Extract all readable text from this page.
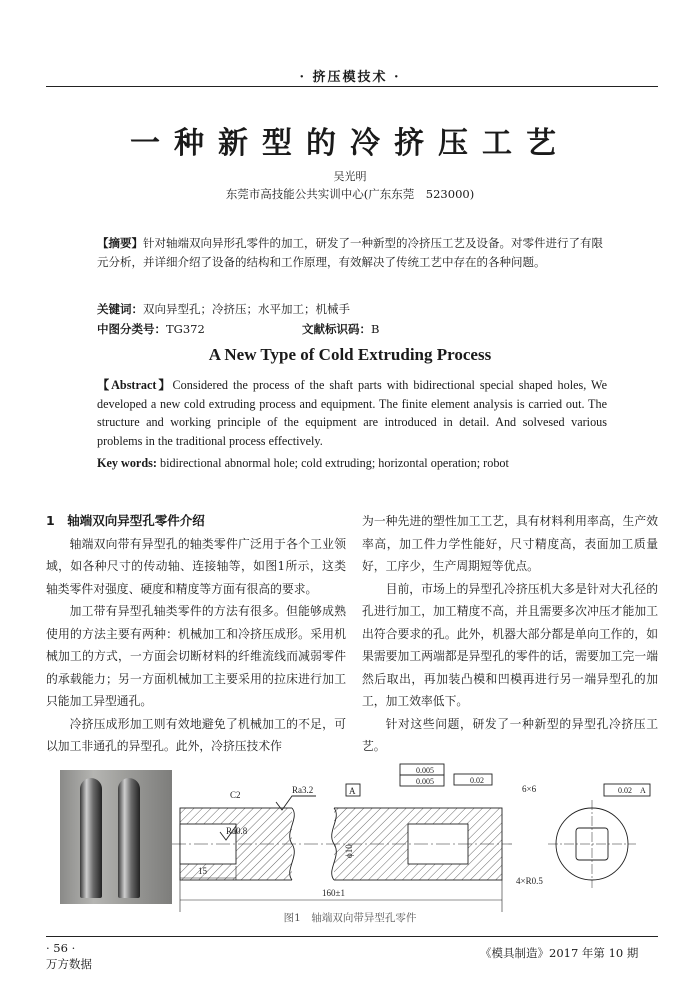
· 挤压模技术 ·
一种新型的冷挤压工艺
吴光明
东莞市高技能公共实训中心(广东东莞　523000)
【摘要】针对轴端双向异形孔零件的加工，研发了一种新型的冷挤压工艺及设备。对零件进行了有限元分析，并详细介绍了设备的结构和工作原理，有效解决了传统工艺中存在的各种问题。
关键词：双向异型孔；冷挤压；水平加工；机械手
中图分类号：TG372	文献标识码：B
A New Type of Cold Extruding Process
【Abstract】Considered the process of the shaft parts with bidirectional special shaped holes, We developed a new cold extruding process and equipment. The finite element analysis is carried out. The structure and working principle of the equipment are introduced in detail. And solvesed various problems in the traditional process effectively.
Key words: bidirectional abnormal hole; cold extruding; horizontal operation; robot
1　轴端双向异型孔零件介绍

轴端双向带有异型孔的轴类零件广泛用于各个工业领域，如各种尺寸的传动轴、连接轴等，如图1所示，这类轴类零件对强度、硬度和精度等方面有很高的要求。

加工带有异型孔轴类零件的方法有很多。但能够成熟使用的方法主要有两种：机械加工和冷挤压成形。采用机械加工的方式，一方面会切断材料的纤维流线而减弱零件的承载能力；另一方面机械加工主要采用的拉床进行加工只能加工异型通孔。

冷挤压成形加工则有效地避免了机械加工的不足，可以加工非通孔的异型孔。此外，冷挤压技术作

为一种先进的塑性加工工艺，具有材料利用率高，生产效率高，加工件力学性能好，尺寸精度高，表面加工质量好，工序少，生产周期短等优点。

目前，市场上的异型孔冷挤压机大多是针对大孔径的孔进行加工，加工精度不高，并且需要多次冲压才能加工出符合要求的孔。此外，机器大部分都是单向工作的，如果需要加工两端都是异型孔的零件的话，需要加工完一端然后取出，再加装凸模和凹模再进行另一端异型孔的加工，加工效率低下。

针对这些问题，研发了一种新型的异型孔冷挤压工艺。

C2	Ra3.2	A
Ra0.8
ϕ10
0.005
0.005	0.02
15
160±1
6×6	0.02 A
4×R0.5
图1　轴端双向带异型孔零件
· 56 ·	《模具制造》2017 年第 10 期
万方数据
